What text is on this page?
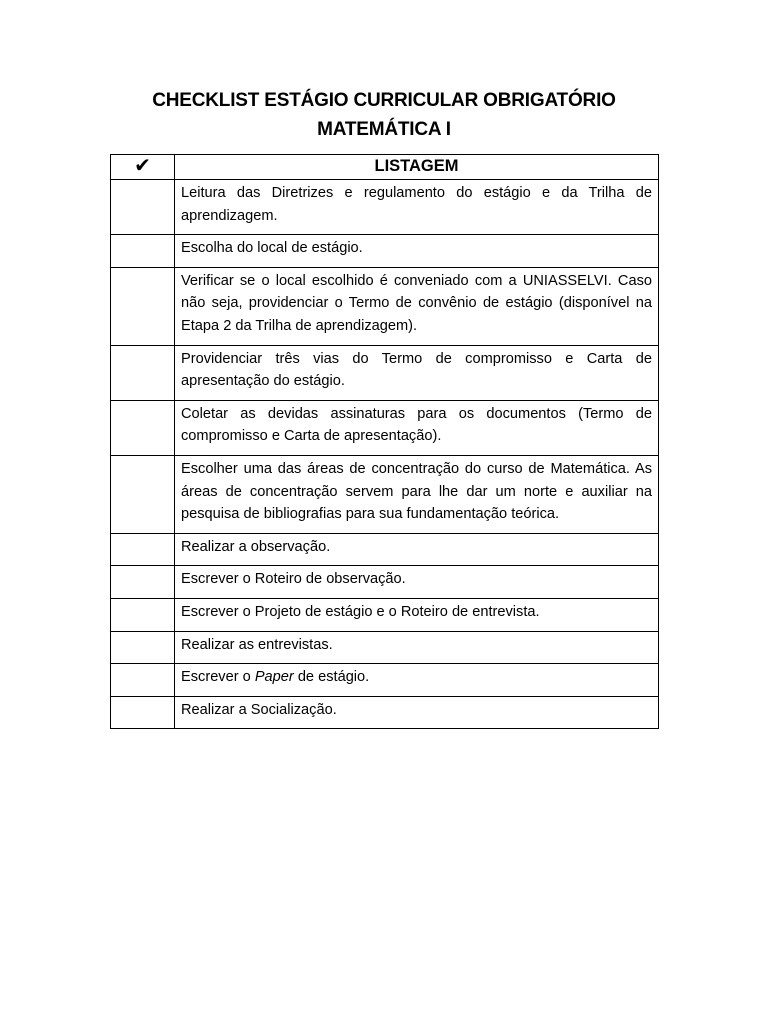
CHECKLIST ESTÁGIO CURRICULAR OBRIGATÓRIO
MATEMÁTICA I
✔	LISTAGEM
	Leitura das Diretrizes e regulamento do estágio e da Trilha de aprendizagem.
	Escolha do local de estágio.
	Verificar se o local escolhido é conveniado com a UNIASSELVI. Caso não seja, providenciar o Termo de convênio de estágio (disponível na Etapa 2 da Trilha de aprendizagem).
	Providenciar três vias do Termo de compromisso e Carta de apresentação do estágio.
	Coletar as devidas assinaturas para os documentos (Termo de compromisso e Carta de apresentação).
	Escolher uma das áreas de concentração do curso de Matemática. As áreas de concentração servem para lhe dar um norte e auxiliar na pesquisa de bibliografias para sua fundamentação teórica.
	Realizar a observação.
	Escrever o Roteiro de observação.
	Escrever o Projeto de estágio e o Roteiro de entrevista.
	Realizar as entrevistas.
	Escrever o Paper de estágio.
	Realizar a Socialização.
